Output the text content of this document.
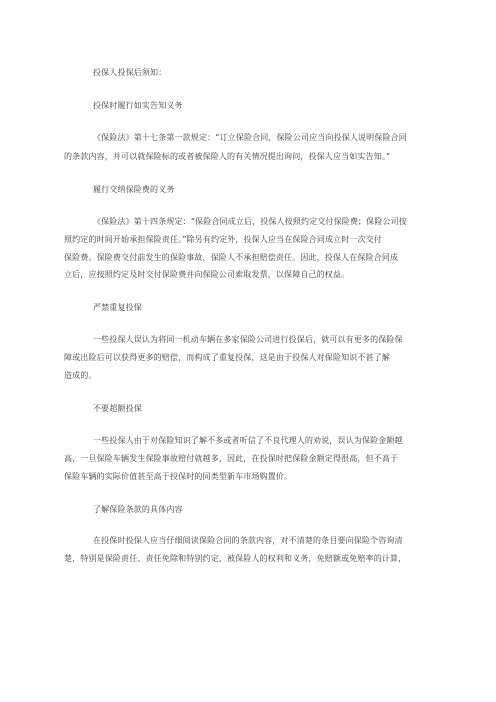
投保人投保后须知：
投保时履行如实告知义务
《保险法》第十七条第一款规定：“订立保险合同，保险公司应当向投保人说明保险合同
的条款内容，并可以就保险标的或者被保险人的有关情况提出询问，投保人应当如实告知。”
履行交纳保险费的义务
《保险法》第十四条规定：“保险合同成立后，投保人按照约定交付保险费；保险公司按
照约定的时间开始承担保险责任。”除另有约定外，投保人应当在保险合同成立时一次交付
保险费。保险费交付前发生的保险事故，保险人不承担赔偿责任。因此，投保人在保险合同成
立后，应按照约定及时交付保险费并向保险公司索取发票，以保障自己的权益。
严禁重复投保
一些投保人误认为将同一机动车辆在多家保险公司进行投保后，就可以有更多的保险保
障或出险后可以获得更多的赔偿，而构成了重复投保，这是由于投保人对保险知识不甚了解
造成的。
不要超额投保
一些投保人由于对保险知识了解不多或者听信了不良代理人的劝说，误认为保险金额越
高，一旦保险车辆发生保险事故赔付就越多，因此，在投保时把保险金额定得很高，但不高于
保险车辆的实际价值甚至高于投保时的同类型新车市场购置价。
了解保险条款的具体内容
在投保时投保人应当仔细阅读保险合同的条款内容，对不清楚的条目要向保险个咨询清
楚，特别是保险责任、责任免除和特别约定，被保险人的权利和义务，免赔额或免赔率的计算，
